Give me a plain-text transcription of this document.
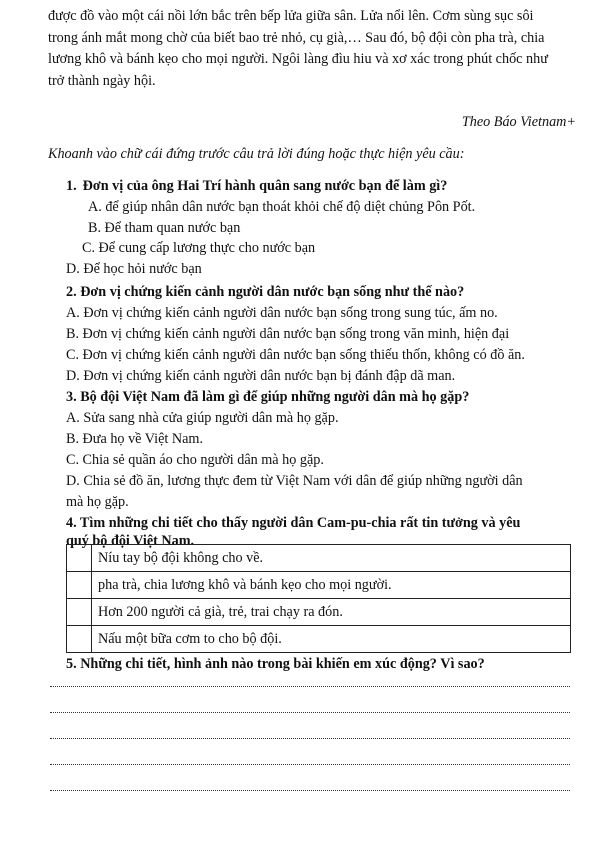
được đồ vào một cái nồi lớn bắc trên bếp lửa giữa sân. Lửa nổi lên. Cơm sùng sục sôi
trong ánh mắt mong chờ của biết bao trẻ nhỏ, cụ già,… Sau đó, bộ đội còn pha trà, chia
lương khô và bánh kẹo cho mọi người. Ngôi làng đìu hiu và xơ xác trong phút chốc như
trở thành ngày hội.
Theo Báo Vietnam+
Khoanh vào chữ cái đứng trước câu trả lời đúng hoặc thực hiện yêu cầu:
1. Đơn vị của ông Hai Trí hành quân sang nước bạn để làm gì?
A. để giúp nhân dân nước bạn thoát khỏi chế độ diệt chủng Pôn Pốt.
B. Để tham quan nước bạn
C. Để cung cấp lương thực cho nước bạn
D. Để học hỏi nước bạn
2. Đơn vị chứng kiến cảnh người dân nước bạn sống như thế nào?
A. Đơn vị chứng kiến cảnh người dân nước bạn sống trong sung túc, ấm no.
B. Đơn vị chứng kiến cảnh người dân nước bạn sống trong văn minh, hiện đại
C. Đơn vị chứng kiến cảnh người dân nước bạn sống thiếu thốn, không có đồ ăn.
D. Đơn vị chứng kiến cảnh người dân nước bạn bị đánh đập dã man.
3. Bộ đội Việt Nam đã làm gì để giúp những người dân mà họ gặp?
A. Sửa sang nhà cửa giúp người dân mà họ gặp.
B. Đưa họ về Việt Nam.
C. Chia sẻ quần áo cho người dân mà họ gặp.
D. Chia sẻ đồ ăn, lương thực đem từ Việt Nam với dân để giúp những người dân
mà họ gặp.
4. Tìm những chi tiết cho thấy người dân Cam-pu-chia rất tin tưởng và yêu
quý bộ đội Việt Nam.
	Níu tay bộ đội không cho về.
	pha trà, chia lương khô và bánh kẹo cho mọi người.
	Hơn 200 người cả già, trẻ, trai chạy ra đón.
	Nấu một bữa cơm to cho bộ đội.
5. Những chi tiết, hình ảnh nào trong bài khiến em xúc động? Vì sao?
